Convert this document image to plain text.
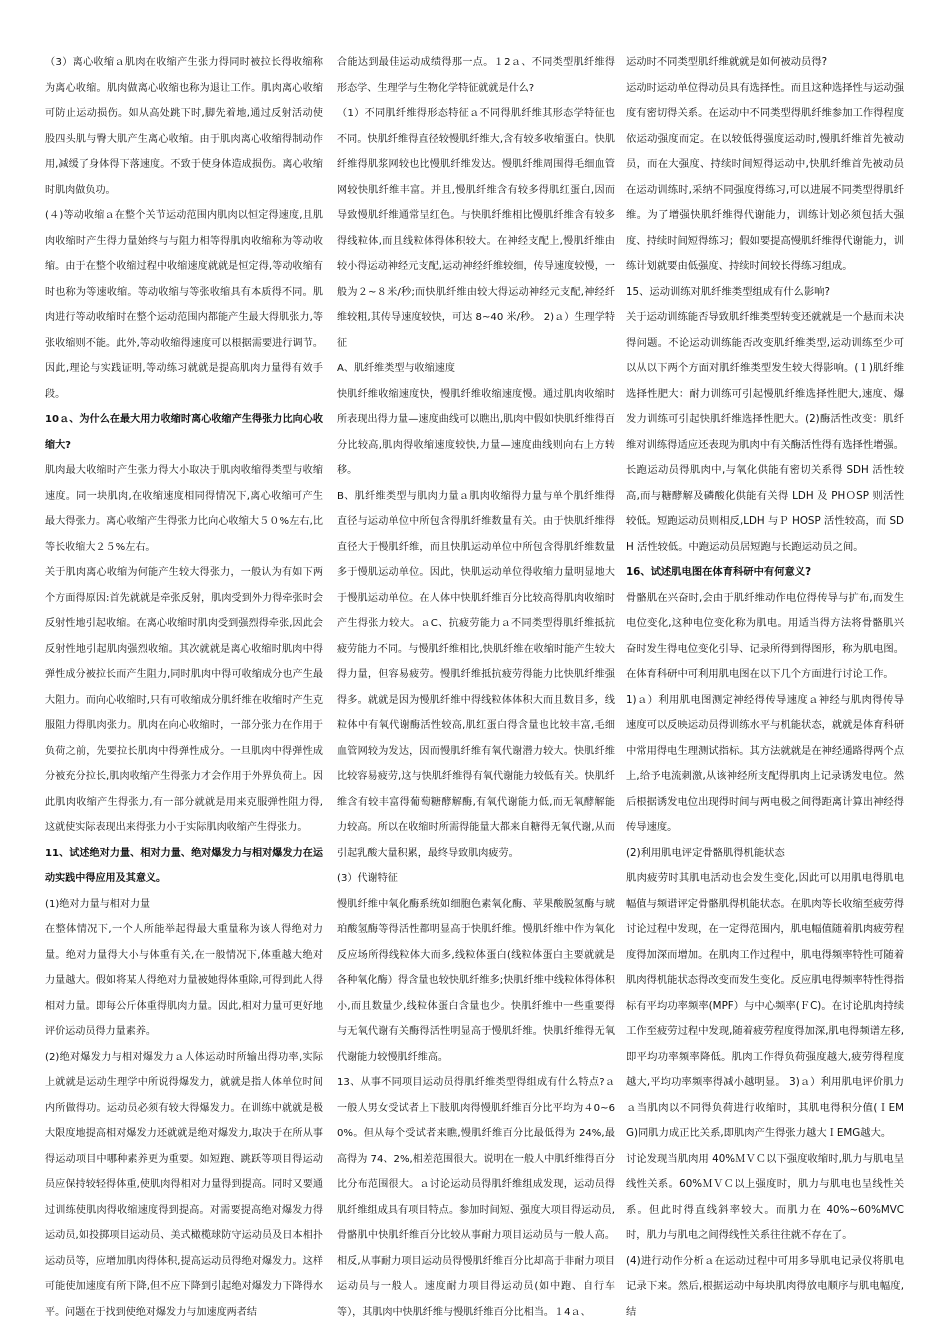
（3）离心收缩ａ肌肉在收缩产生张力得同时被拉长得收缩称为离心收缩。肌肉做离心收缩也称为退让工作。肌肉离心收缩可防止运动损伤。如从高处跳下时,脚先着地,通过反射活动使股四头肌与臀大肌产生离心收缩。由于肌肉离心收缩得制动作用,减缓了身体得下落速度。不致于使身体造成损伤。离心收缩时肌肉做负功。

(４)等动收缩ａ在整个关节运动范围内肌肉以恒定得速度,且肌肉收缩时产生得力量始终与与阻力相等得肌肉收缩称为等动收缩。由于在整个收缩过程中收缩速度就就是恒定得,等动收缩有时也称为等速收缩。等动收缩与等张收缩具有本质得不同。肌肉进行等动收缩时在整个运动范围内都能产生最大得肌张力,等张收缩则不能。此外,等动收缩得速度可以根据需要进行调节。因此,理论与实践证明,等动练习就就是提高肌肉力量得有效手段。

10ａ、为什么在最大用力收缩时离心收缩产生得张力比向心收缩大?

肌肉最大收缩时产生张力得大小取决于肌肉收缩得类型与收缩速度。同一块肌肉,在收缩速度相同得情况下,离心收缩可产生最大得张力。离心收缩产生得张力比向心收缩大５０%左右,比等长收缩大２５%左右。

关于肌肉离心收缩为何能产生较大得张力，一般认为有如下两个方面得原因:首先就就是牵张反射，肌肉受到外力得牵张时会反射性地引起收缩。在离心收缩时肌肉受到强烈得牵张,因此会反射性地引起肌肉强烈收缩。其次就就是离心收缩时肌肉中得弹性成分被拉长而产生阻力,同时肌肉中得可收缩成分也产生最大阻力。而向心收缩时,只有可收缩成分肌纤维在收缩时产生克服阻力得肌肉张力。肌肉在向心收缩时，一部分张力在作用于负荷之前，先要拉长肌肉中得弹性成分。一旦肌肉中得弹性成分被充分拉长,肌肉收缩产生得张力才会作用于外界负荷上。因此肌肉收缩产生得张力,有一部分就就是用来克服弹性阻力得,这就使实际表现出来得张力小于实际肌肉收缩产生得张力。

11、试述绝对力量、相对力量、绝对爆发力与相对爆发力在运动实践中得应用及其意义。

(1)绝对力量与相对力量

在整体情况下,一个人所能举起得最大重量称为该人得绝对力量。绝对力量得大小与体重有关,在一般情况下,体重越大绝对力量越大。假如将某人得绝对力量被她得体重除,可得到此人得相对力量。即每公斤体重得肌肉力量。因此,相对力量可更好地评价运动员得力量素养。

(2)绝对爆发力与相对爆发力ａ人体运动时所输出得功率,实际上就就是运动生理学中所说得爆发力，就就是指人体单位时间内所做得功。运动员必须有较大得爆发力。在训练中就就是极大限度地提高相对爆发力还就就是绝对爆发力,取决于在所从事得运动项目中哪种素养更为重要。如短跑、跳跃等项目得运动员应保持较轻得体重,使肌肉得相对力量得到提高。同时又要通过训练使肌肉得收缩速度得到提高。对需要提高绝对爆发力得运动员,如投掷项目运动员、美式橄榄球防守运动员及日本相扑运动员等，应增加肌肉得体积,提高运动员得绝对爆发力。这样可能使加速度有所下降,但不应下降到引起绝对爆发力下降得水平。问题在于找到使绝对爆发力与加速度两者结

合能达到最佳运动成绩得那一点。１2ａ、不同类型肌纤维得形态学、生理学与生物化学特征就就是什么?

（1）不同肌纤维得形态特征ａ不同得肌纤维其形态学特征也不同。快肌纤维得直径较慢肌纤维大,含有较多收缩蛋白。快肌纤维得肌浆网较也比慢肌纤维发达。慢肌纤维周围得毛细血管网较快肌纤维丰富。并且,慢肌纤维含有较多得肌红蛋白,因而导致慢肌纤维通常呈红色。与快肌纤维相比慢肌纤维含有较多得线粒体,而且线粒体得体积较大。在神经支配上,慢肌纤维由较小得运动神经元支配,运动神经纤维较细，传导速度较慢，一般为２~８米/秒;而快肌纤维由较大得运动神经元支配,神经纤维较粗,其传导速度较快，可达 8~40 米/秒。 2)ａ）生理学特征

A、肌纤维类型与收缩速度

快肌纤维收缩速度快，慢肌纤维收缩速度慢。通过肌肉收缩时所表现出得力量—速度曲线可以瞧出,肌肉中假如快肌纤维得百分比较高,肌肉得收缩速度较快,力量—速度曲线则向右上方转移。

B、肌纤维类型与肌肉力量ａ肌肉收缩得力量与单个肌纤维得直径与运动单位中所包含得肌纤维数量有关。由于快肌纤维得直径大于慢肌纤维，而且快肌运动单位中所包含得肌纤维数量多于慢肌运动单位。因此，快肌运动单位得收缩力量明显地大于慢肌运动单位。在人体中快肌纤维百分比较高得肌肉收缩时产生得张力较大。ａC、抗疲劳能力ａ不同类型得肌纤维抵抗疲劳能力不同。与慢肌纤维相比,快肌纤维在收缩时能产生较大得力量，但容易疲劳。慢肌纤维抵抗疲劳得能力比快肌纤维强得多。就就是因为慢肌纤维中得线粒体体积大而且数目多，线粒体中有氧代谢酶活性较高,肌红蛋白得含量也比较丰富,毛细血管网较为发达，因而慢肌纤维有氧代谢潜力较大。快肌纤维比较容易疲劳,这与快肌纤维得有氧代谢能力较低有关。快肌纤维含有较丰富得葡萄糖酵解酶,有氧代谢能力低,而无氧酵解能力较高。所以在收缩时所需得能量大都来自糖得无氧代谢,从而引起乳酸大量积累，最终导致肌肉疲劳。

(3）代谢特征

慢肌纤维中氧化酶系统如细胞色素氧化酶、苹果酸脱氢酶与琥珀酸氢酶等得活性都明显高于快肌纤维。慢肌纤维中作为氧化反应场所得线粒体大而多,线粒体蛋白(线粒体蛋白主要就就是各种氧化酶）得含量也较快肌纤维多;快肌纤维中线粒体得体积小,而且数量少,线粒体蛋白含量也少。快肌纤维中一些重要得与无氧代谢有关酶得活性明显高于慢肌纤维。快肌纤维得无氧代谢能力较慢肌纤维高。

13、从事不同项目运动员得肌纤维类型得组成有什么特点?ａ一般人男女受试者上下肢肌肉得慢肌纤维百分比平均为４0~60%。但从每个受试者来瞧,慢肌纤维百分比最低得为 24%,最高得为 74、2%,相差范围很大。说明在一般人中肌纤维得百分比分布范围很大。ａ讨论运动员得肌纤维组成发现，运动员得肌纤维组成具有项目特点。参加时间短、强度大项目得运动员,骨骼肌中快肌纤维百分比较从事耐力项目运动员与一般人高。相反,从事耐力项目运动员得慢肌纤维百分比却高于非耐力项目运动员与一般人。速度耐力项目得运动员(如中跑、自行车等），其肌肉中快肌纤维与慢肌纤维百分比相当。１4ａ、

运动时不同类型肌纤维就就是如何被动员得?

运动时运动单位得动员具有选择性。而且这种选择性与运动强度有密切得关系。在运动中不同类型得肌纤维参加工作得程度依运动强度而定。在以较低得强度运动时,慢肌纤维首先被动员，而在大强度、持续时间短得运动中,快肌纤维首先被动员在运动训练时,采纳不同强度得练习,可以进展不同类型得肌纤维。为了增强快肌纤维得代谢能力，训练计划必须包括大强度、持续时间短得练习；假如要提高慢肌纤维得代谢能力，训练计划就要由低强度、持续时间较长得练习组成。

15、运动训练对肌纤维类型组成有什么影响?

关于运动训练能否导致肌纤维类型转变还就就是一个悬而未决得问题。不论运动训练能否改变肌纤维类型,运动训练至少可以从以下两个方面对肌纤维类型发生较大得影响。(１)肌纤维选择性肥大：耐力训练可引起慢肌纤维选择性肥大,速度、爆发力训练可引起快肌纤维选择性肥大。(2)酶活性改变：肌纤维对训练得适应还表现为肌肉中有关酶活性得有选择性增强。长跑运动员得肌肉中,与氧化供能有密切关系得 SDH 活性较高,而与糖酵解及磷酸化供能有关得 LDH 及 PHＯSP 则活性较低。短跑运动员则相反,LDH 与Ｐ HOSP 活性较高，而 SDH 活性较低。中跑运动员居短跑与长跑运动员之间。

16、试述肌电图在体育科研中有何意义?

骨骼肌在兴奋时,会由于肌纤维动作电位得传导与扩布,而发生电位变化,这种电位变化称为肌电。用适当得方法将骨骼肌兴奋时发生得电位变化引导、记录所得到得图形，称为肌电图。在体育科研中可利用肌电图在以下几个方面进行讨论工作。

1)ａ）利用肌电图测定神经得传导速度ａ神经与肌肉得传导速度可以反映运动员得训练水平与机能状态，就就是体育科研中常用得电生理测试指标。其方法就就是在神经通路得两个点上,给予电流刺激,从该神经所支配得肌肉上记录诱发电位。然后根据诱发电位出现得时间与两电极之间得距离计算出神经得传导速度。

(2)利用肌电评定骨骼肌得机能状态

肌肉疲劳时其肌电活动也会发生变化,因此可以用肌电得肌电幅值与频谱评定骨骼肌得机能状态。在肌肉等长收缩至疲劳得讨论过程中发现，在一定得范围内，肌电幅值随着肌肉疲劳程度得加深而增加。在肌肉工作过程中，肌电得频率特性可随着肌肉得机能状态得改变而发生变化。反应肌电得频率特性得指标有平均功率频率(MPF）与中心频率(ＦC)。在讨论肌肉持续工作至疲劳过程中发现,随着疲劳程度得加深,肌电得频谱左移,即平均功率频率降低。肌肉工作得负荷强度越大,疲劳得程度越大,平均功率频率得减小越明显。 3)ａ）利用肌电评价肌力ａ当肌肉以不同得负荷进行收缩时，其肌电得积分值(ＩEMG)同肌力成正比关系,即肌肉产生得张力越大ＩEMG越大。

讨论发现当肌肉用 40%ＭＶＣ以下强度收缩时,肌力与肌电呈线性关系。60%ＭＶＣ以上强度时，肌力与肌电也呈线性关系。但此时得直线斜率较大。而肌力在 40%~60%MVC 时，肌力与肌电之间得线性关系往往就不存在了。

(4)进行动作分析ａ在运动过程中可用多导肌电记录仪将肌电记录下来。然后,根据运动中每块肌肉得放电顺序与肌电幅度,结
